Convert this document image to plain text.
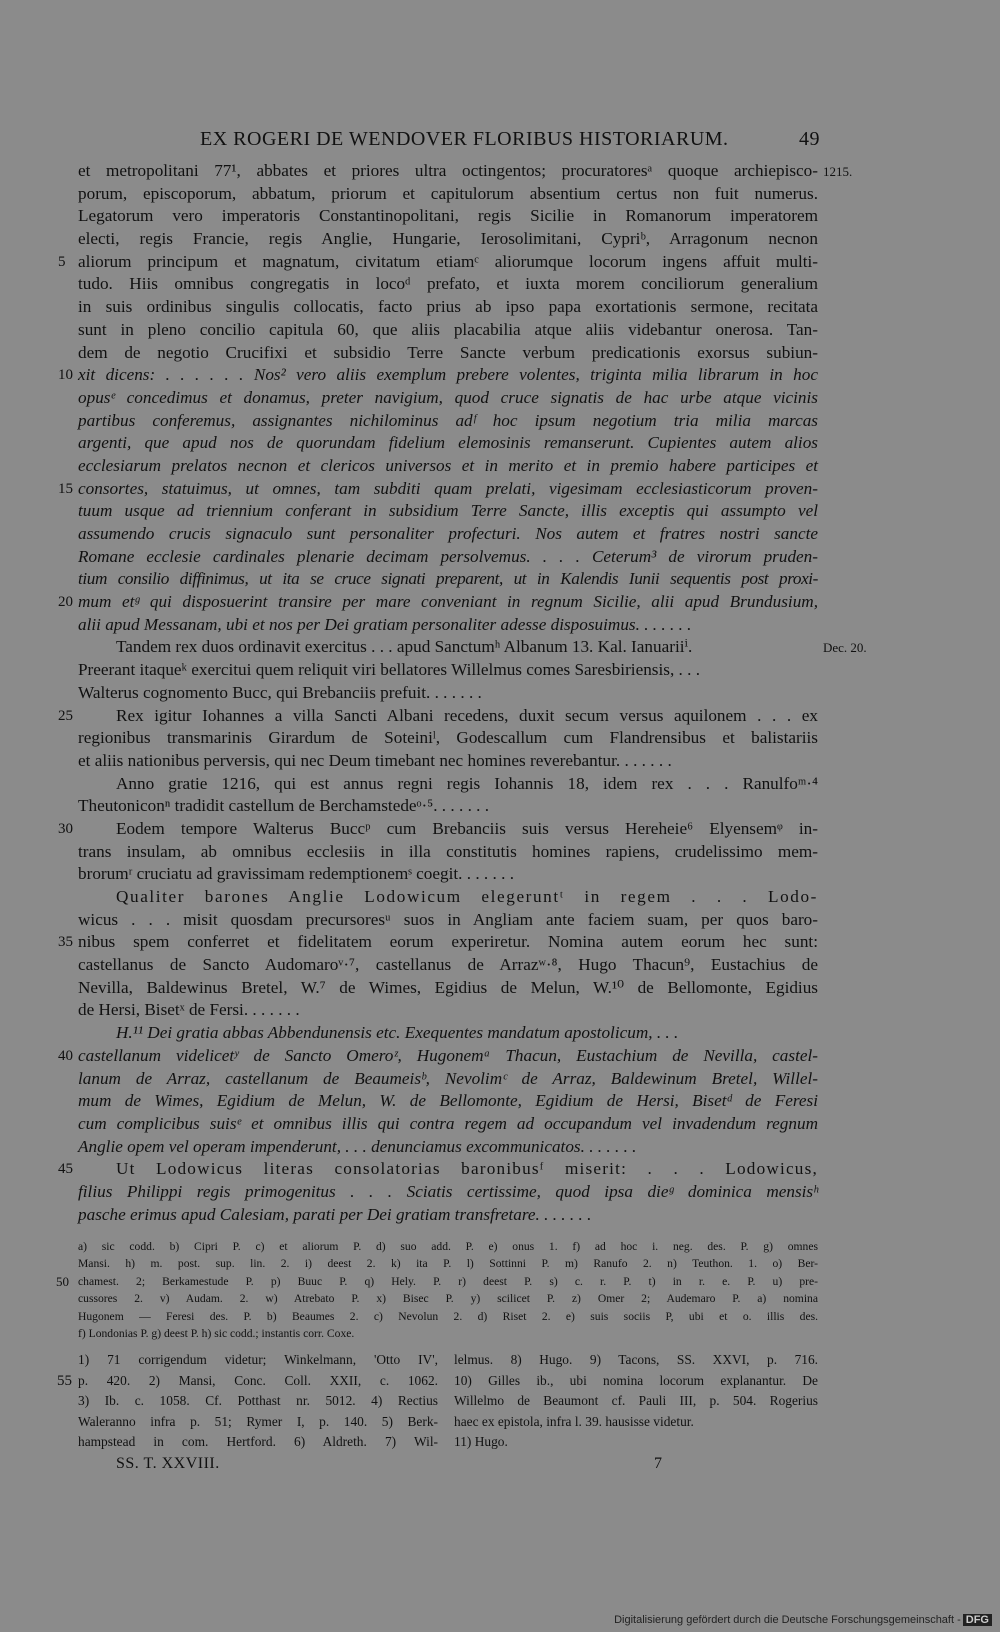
EX ROGERI DE WENDOVER FLORIBUS HISTORIARUM.	49
et metropolitani 77¹, abbates et priores ultra octingentos; procuratoresᵃ quoque archiepisco- 1215.
porum, episcoporum, abbatum, priorum et capitulorum absentium certus non fuit numerus.
Legatorum vero imperatoris Constantinopolitani, regis Sicilie in Romanorum imperatorem
electi, regis Francie, regis Anglie, Hungarie, Ierosolimitani, Cypriᵇ, Arragonum necnon
5 aliorum principum et magnatum, civitatum etiamᶜ aliorumque locorum ingens affuit multi-
tudo. Hiis omnibus congregatis in locoᵈ prefato, et iuxta morem conciliorum generalium
in suis ordinibus singulis collocatis, facto prius ab ipso papa exortationis sermone, recitata
sunt in pleno concilio capitula 60, que aliis placabilia atque aliis videbantur onerosa. Tan-
dem de negotio Crucifixi et subsidio Terre Sancte verbum predicationis exorsus subiun-
10 xit dicens: . . . . . . Nos² vero aliis exemplum prebere volentes, triginta milia librarum in hoc
opusᵉ concedimus et donamus, preter navigium, quod cruce signatis de hac urbe atque vicinis
partibus conferemus, assignantes nichilominus adᶠ hoc ipsum negotium tria milia marcas
argenti, que apud nos de quorundam fidelium elemosinis remanserunt. Cupientes autem alios
ecclesiarum prelatos necnon et clericos universos et in merito et in premio habere participes et
15 consortes, statuimus, ut omnes, tam subditi quam prelati, vigesimam ecclesiasticorum proven-
tuum usque ad triennium conferant in subsidium Terre Sancte, illis exceptis qui assumpto vel
assumendo crucis signaculo sunt personaliter profecturi. Nos autem et fratres nostri sancte
Romane ecclesie cardinales plenarie decimam persolvemus. . . . Ceterum³ de virorum pruden-
tium consilio diffinimus, ut ita se cruce signati preparent, ut in Kalendis Iunii sequentis post proxi-
20 mum etᵍ qui disposuerint transire per mare conveniant in regnum Sicilie, alii apud Brundusium,
alii apud Messanam, ubi et nos per Dei gratiam personaliter adesse disposuimus. . . . . . .
Tandem rex duos ordinavit exercitus . . . apud Sanctumʰ Albanum 13. Kal. Ianuariiⁱ.	Dec. 20.
Preerant itaqueᵏ exercitui quem reliquit viri bellatores Willelmus comes Saresbiriensis, . . .
Walterus cognomento Bucc, qui Brebanciis prefuit. . . . . . .
25	Rex igitur Iohannes a villa Sancti Albani recedens, duxit secum versus aquilonem . . . ex
regionibus transmarinis Girardum de Soteiniˡ, Godescallum cum Flandrensibus et balistariis
et aliis nationibus perversis, qui nec Deum timebant nec homines reverebantur. . . . . . .
Anno gratie 1216, qui est annus regni regis Iohannis 18, idem rex . . . Ranulfoᵐ·⁴
Theutoniconⁿ tradidit castellum de Berchamstedeᵒ·⁵. . . . . . .
30	Eodem tempore Walterus Buccᵖ cum Brebanciis suis versus Hereheie⁶ Elyensemᵠ in-
trans insulam, ab omnibus ecclesiis in illa constitutis homines rapiens, crudelissimo mem-
brorumʳ cruciatu ad gravissimam redemptionemˢ coegit. . . . . . .
Qualiter barones Anglie Lodowicum elegeruntᵗ in regem . . . Lodo-
wicus . . . misit quosdam precursoresᵘ suos in Angliam ante faciem suam, per quos baro-
35 nibus spem conferret et fidelitatem eorum experiretur. Nomina autem eorum hec sunt:
castellanus de Sancto Audomaroᵛ·⁷, castellanus de Arrazʷ·⁸, Hugo Thacun⁹, Eustachius de
Nevilla, Baldewinus Bretel, W.⁷ de Wimes, Egidius de Melun, W.¹⁰ de Bellomonte, Egidius
de Hersi, Bisetˣ de Fersi. . . . . . .
H.¹¹ Dei gratia abbas Abbendunensis etc. Exequentes mandatum apostolicum, . . .
40 castellanum videlicetʸ de Sancto Omeroᶻ, Hugonemᵃ Thacun, Eustachium de Nevilla, castel-
lanum de Arraz, castellanum de Beaumeisᵇ, Nevolimᶜ de Arraz, Baldewinum Bretel, Willel-
mum de Wimes, Egidium de Melun, W. de Bellomonte, Egidium de Hersi, Bisetᵈ de Feresi
cum complicibus suisᵉ et omnibus illis qui contra regem ad occupandum vel invadendum regnum
Anglie opem vel operam impenderunt, . . . denunciamus excommunicatos. . . . . . .
45	Ut Lodowicus literas consolatorias baronibusᶠ miserit: . . . Lodowicus,
filius Philippi regis primogenitus . . . Sciatis certissime, quod ipsa dieᵍ dominica mensisʰ
pasche erimus apud Calesiam, parati per Dei gratiam transfretare. . . . . . .
a) sic codd. b) Cipri P. c) et aliorum P. d) suo add. P. e) onus 1. f) ad hoc i. neg. des. P. g) omnes
Mansi. h) m. post. sup. lin. 2. i) deest 2. k) ita P. l) Sottinni P. m) Ranufo 2. n) Teuthon. 1. o) Ber-
50 chamest. 2; Berkamestude P. p) Buuc P. q) Hely. P. r) deest P. s) c. r. P. t) in r. e. P. u) pre-
cussores 2. v) Audam. 2. w) Atrebato P. x) Bisec P. y) scilicet P. z) Omer 2; Audemaro P. a) nomina
Hugonem — Feresi des. P. b) Beaumes 2. c) Nevolun 2. d) Riset 2. e) suis sociis P, ubi et o. illis des.
f) Londonias P. g) deest P. h) sic codd.; instantis corr. Coxe.
1) 71 corrigendum videtur; Winkelmann, 'Otto IV', lelmus. 8) Hugo. 9) Tacons, SS. XXVI, p. 716.
55 p. 420. 2) Mansi, Conc. Coll. XXII, c. 1062. 10) Gilles ib., ubi nomina locorum explanantur. De
3) Ib. c. 1058. Cf. Potthast nr. 5012. 4) Rectius Willelmo de Beaumont cf. Pauli III, p. 504. Rogerius
Waleranno infra p. 51; Rymer I, p. 140. 5) Berk- haec ex epistola, infra l. 39. hausisse videtur.
hampstead in com. Hertford. 6) Aldreth. 7) Wil- 11) Hugo.
SS. T. XXVIII.	7
Digitalisierung gefördert durch die Deutsche Forschungsgemeinschaft - DFG
